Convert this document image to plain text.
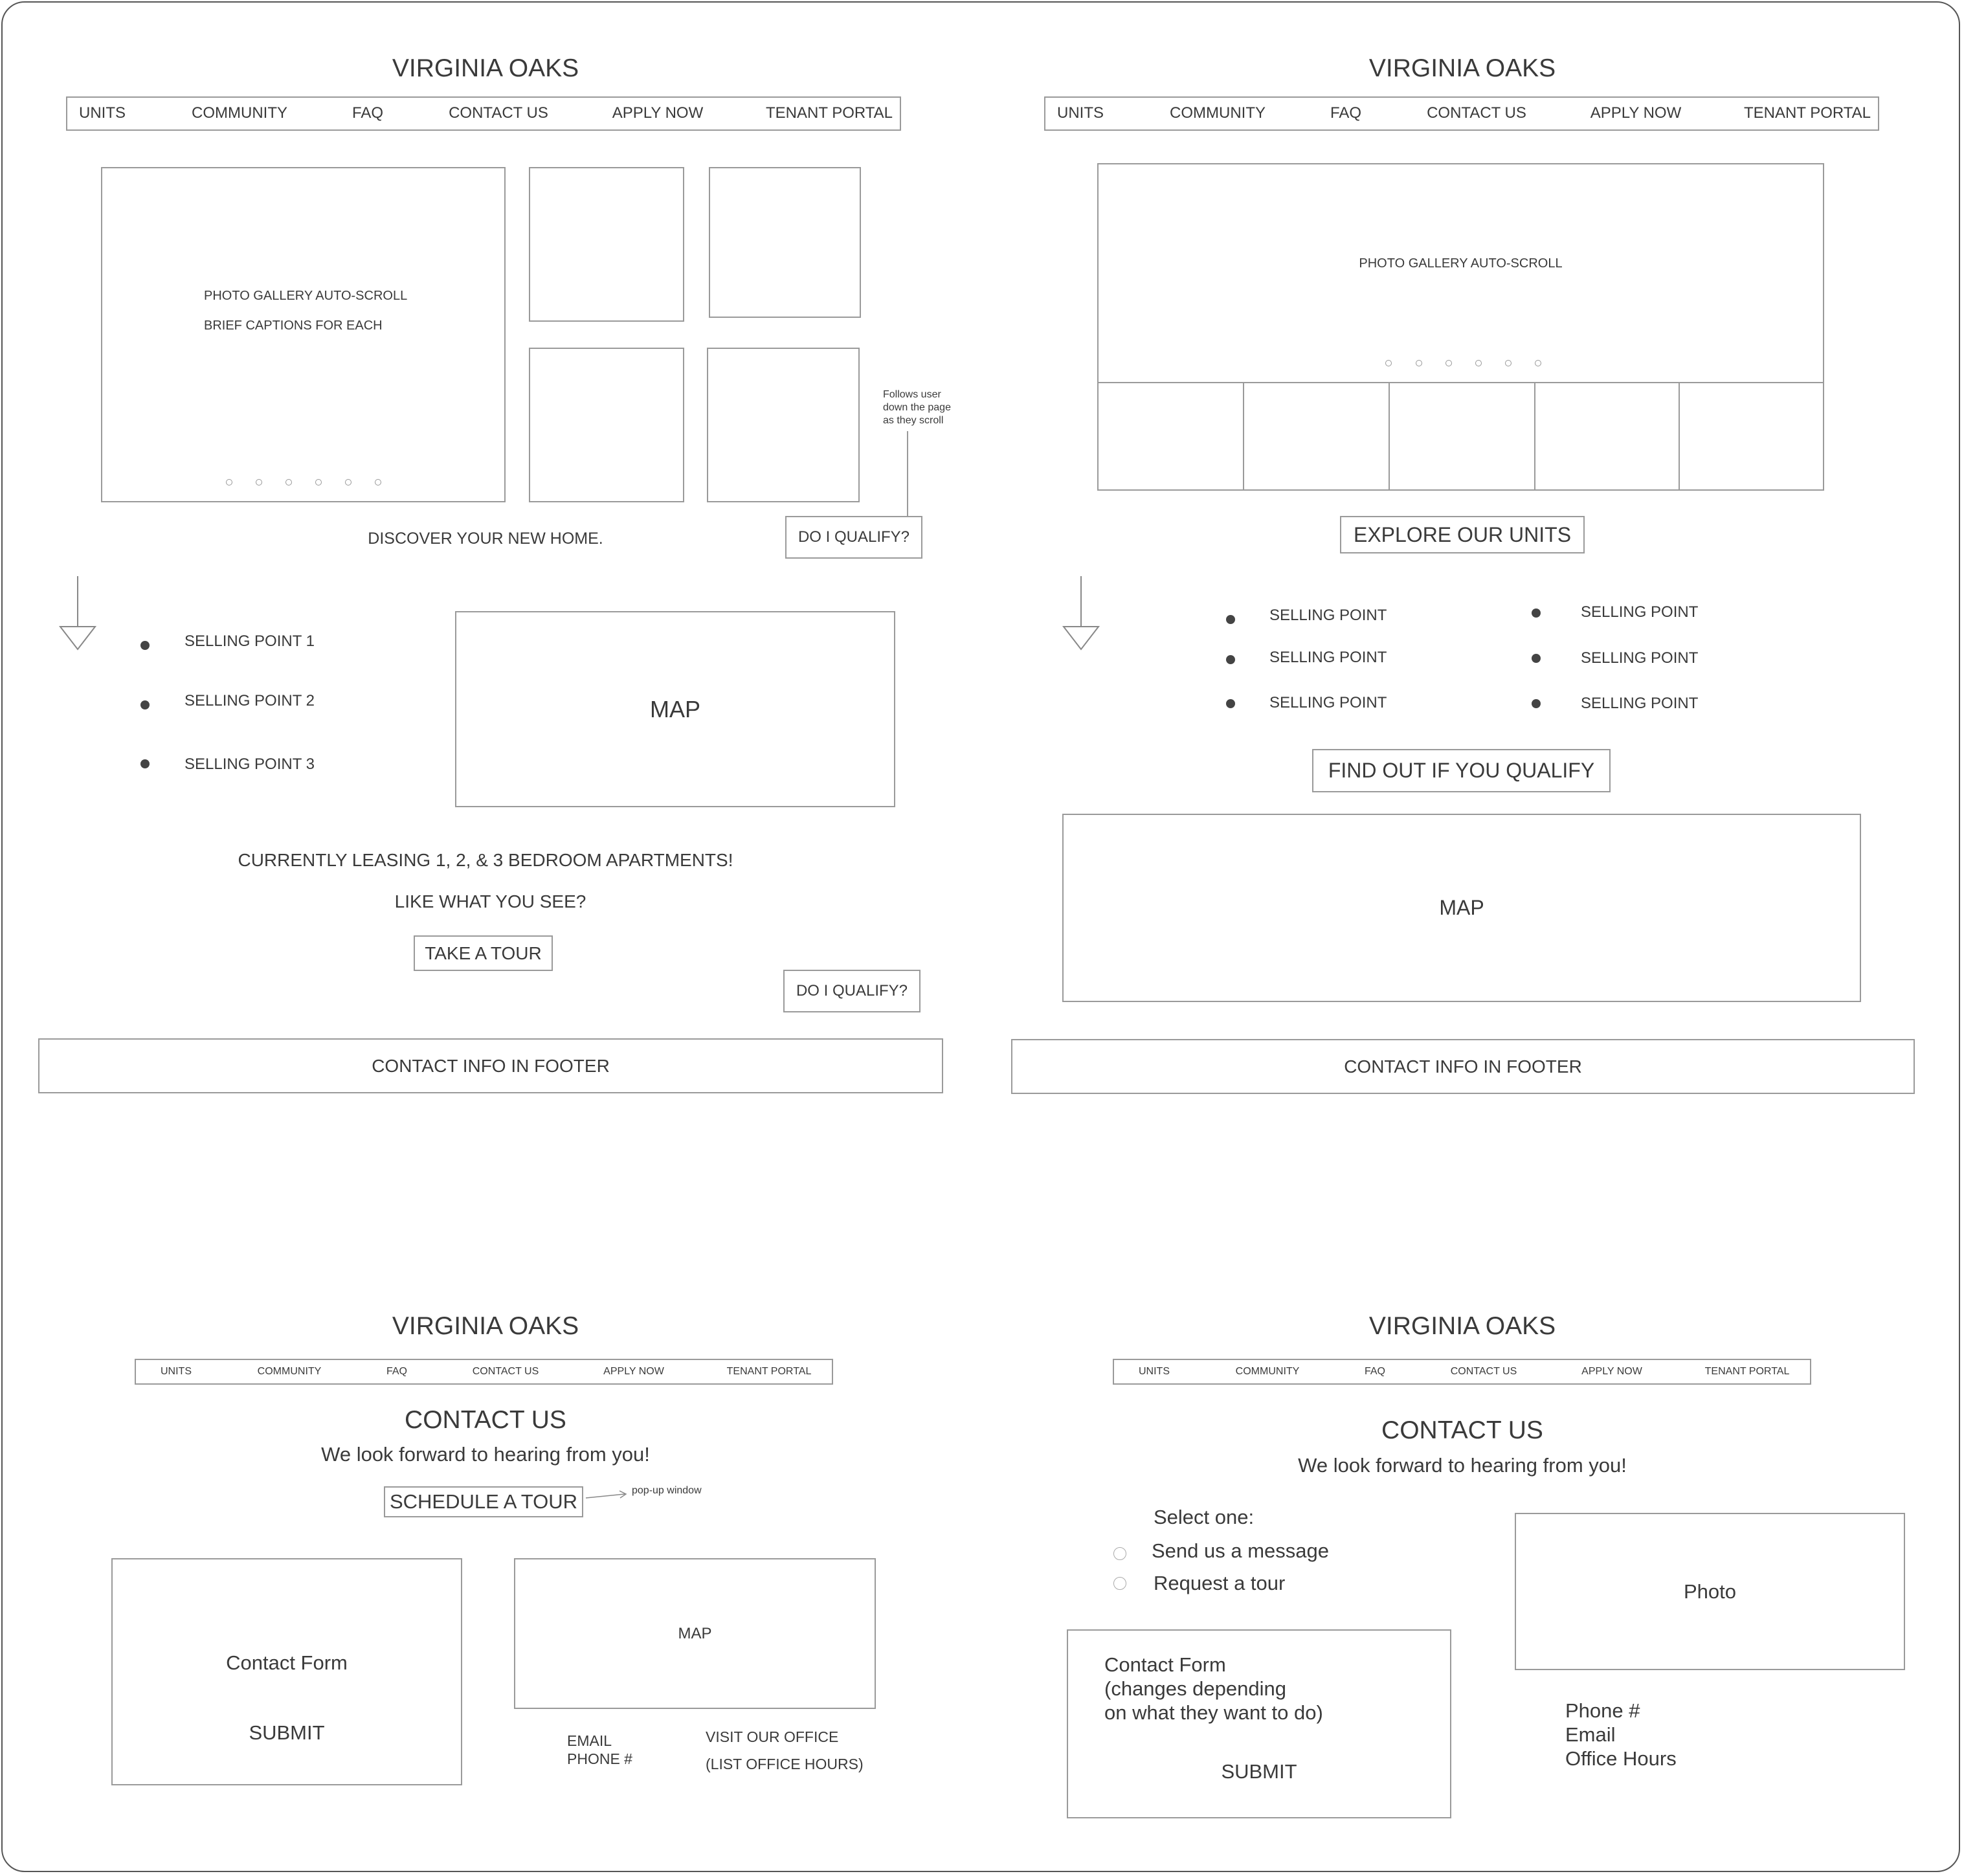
VIRGINIA OAKS
UNITS	COMMUNITY	FAQ	CONTACT US	APPLY NOW	TENANT PORTAL
PHOTO GALLERY AUTO-SCROLL
BRIEF CAPTIONS FOR EACH
Follows user
down the page
as they scroll
DISCOVER YOUR NEW HOME.	DO I QUALIFY?
SELLING POINT 1
SELLING POINT 2
SELLING POINT 3
MAP
CURRENTLY LEASING 1, 2, & 3 BEDROOM APARTMENTS!
LIKE WHAT YOU SEE?
TAKE A TOUR
DO I QUALIFY?
CONTACT INFO IN FOOTER
VIRGINIA OAKS
UNITS	COMMUNITY	FAQ	CONTACT US	APPLY NOW	TENANT PORTAL
PHOTO GALLERY AUTO-SCROLL
EXPLORE OUR UNITS
SELLING POINT
SELLING POINT
SELLING POINT
SELLING POINT
SELLING POINT
SELLING POINT
FIND OUT IF YOU QUALIFY
MAP
CONTACT INFO IN FOOTER
VIRGINIA OAKS
UNITS	COMMUNITY	FAQ	CONTACT US	APPLY NOW	TENANT PORTAL
CONTACT US
We look forward to hearing from you!
SCHEDULE A TOUR	pop-up window
Contact Form
SUBMIT
MAP
EMAIL
PHONE #
VISIT OUR OFFICE
(LIST OFFICE HOURS)
VIRGINIA OAKS
UNITS	COMMUNITY	FAQ	CONTACT US	APPLY NOW	TENANT PORTAL
CONTACT US
We look forward to hearing from you!
Select one:
Send us a message
Request a tour
Contact Form
(changes depending
on what they want to do)
SUBMIT
Photo
Phone #
Email
Office Hours
